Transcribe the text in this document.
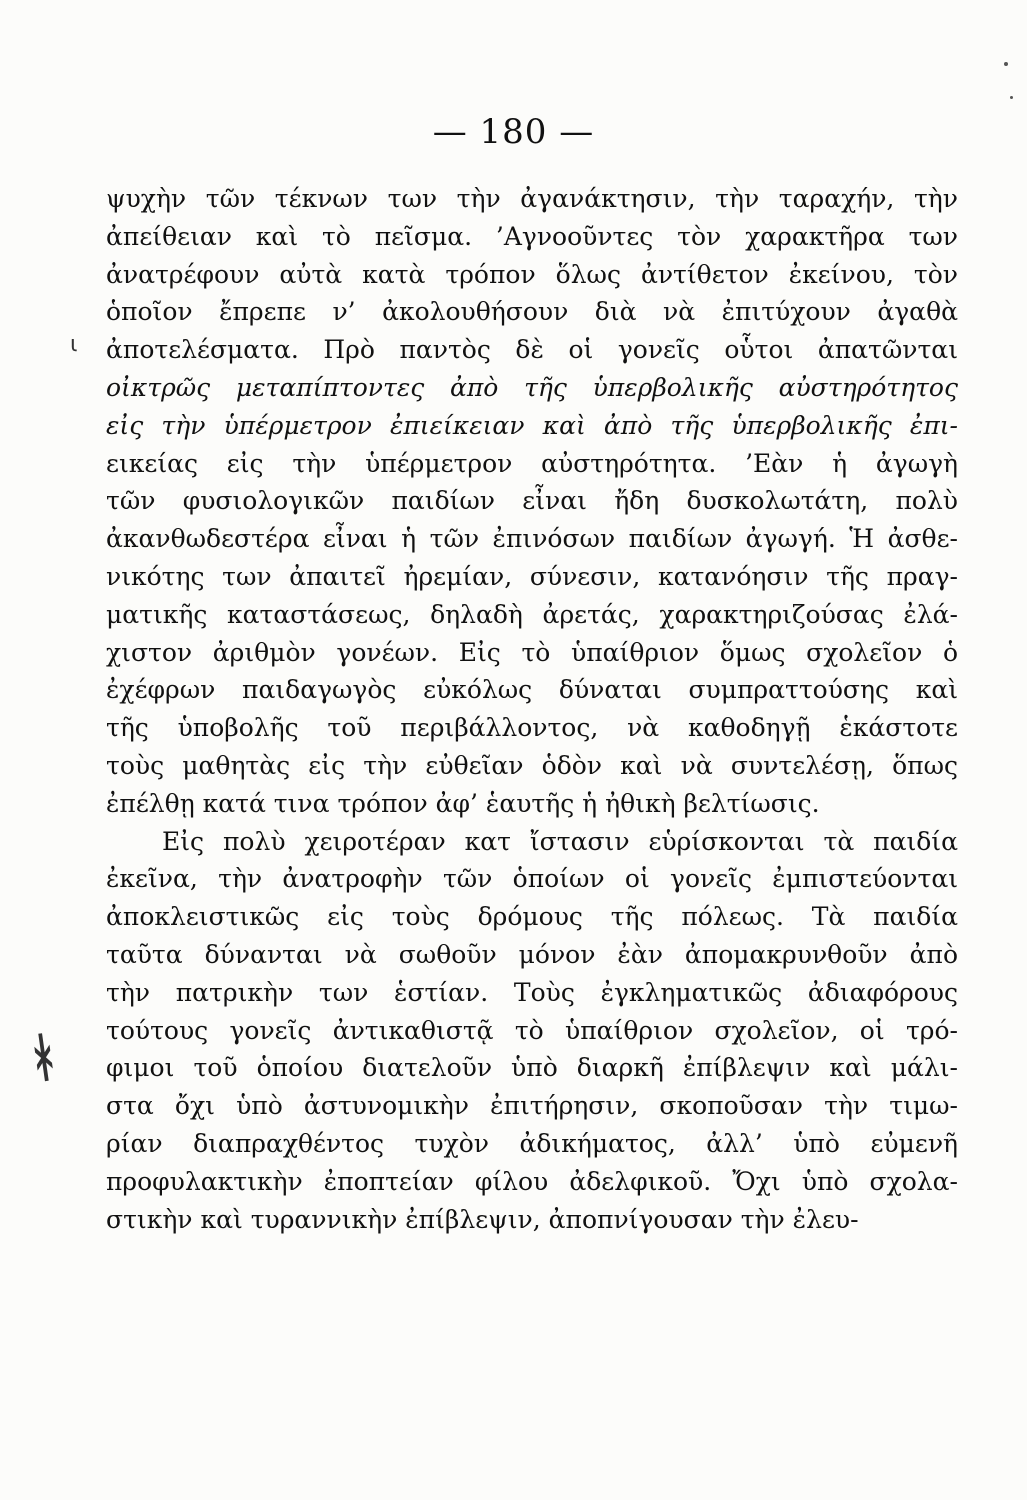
— 180 —
ι
ᚼ
ψυχὴν τῶν τέκνων των τὴν ἀγανάκτησιν, τὴν ταραχήν, τὴν
ἀπείθειαν καὶ τὸ πεῖσμα. ’Αγνοοῦντες τὸν χαρακτῆρα των
ἀνατρέφουν αὐτὰ κατὰ τρόπον ὅλως ἀντίθετον ἐκείνου, τὸν
ὁποῖον ἔπρεπε ν’ ἀκολουθήσουν διὰ νὰ ἐπιτύχουν ἀγαθὰ
ἀποτελέσματα. Πρὸ παντὸς δὲ οἱ γονεῖς οὗτοι ἀπατῶνται
οἰκτρῶς μεταπίπτοντες ἀπὸ τῆς ὑπερβολικῆς αὐστηρότητος
εἰς τὴν ὑπέρμετρον ἐπιείκειαν καὶ ἀπὸ τῆς ὑπερβολικῆς ἐπι-
εικείας εἰς τὴν ὑπέρμετρον αὐστηρότητα. ’Εὰν ἡ ἀγωγὴ
τῶν φυσιολογικῶν παιδίων εἶναι ἤδη δυσκολωτάτη, πολὺ
ἀκανθωδεστέρα εἶναι ἡ τῶν ἐπινόσων παιδίων ἀγωγή. Ἡ ἀσθε-
νικότης των ἀπαιτεῖ ἠρεμίαν, σύνεσιν, κατανόησιν τῆς πραγ-
ματικῆς καταστάσεως, δηλαδὴ ἀρετάς, χαρακτηριζούσας ἐλά-
χιστον ἀριθμὸν γονέων. Εἰς τὸ ὑπαίθριον ὅμως σχολεῖον ὁ
ἐχέφρων παιδαγωγὸς εὐκόλως δύναται συμπραττούσης καὶ
τῆς ὑποβολῆς τοῦ περιβάλλοντος, νὰ καθοδηγῇ ἑκάστοτε
τοὺς μαθητὰς εἰς τὴν εὐθεῖαν ὁδὸν καὶ νὰ συντελέσῃ, ὅπως
ἐπέλθῃ κατά τινα τρόπον ἀφ’ ἑαυτῆς ἡ ἠθικὴ βελτίωσις.
Εἰς πολὺ χειροτέραν κατ ἴστασιν εὑρίσκονται τὰ παιδία
ἐκεῖνα, τὴν ἀνατροφὴν τῶν ὁποίων οἱ γονεῖς ἐμπιστεύονται
ἀποκλειστικῶς εἰς τοὺς δρόμους τῆς πόλεως. Τὰ παιδία
ταῦτα δύνανται νὰ σωθοῦν μόνον ἐὰν ἀπομακρυνθοῦν ἀπὸ
τὴν πατρικὴν των ἑστίαν. Τοὺς ἐγκληματικῶς ἀδιαφόρους
τούτους γονεῖς ἀντικαθιστᾷ τὸ ὑπαίθριον σχολεῖον, οἱ τρό-
φιμοι τοῦ ὁποίου διατελοῦν ὑπὸ διαρκῆ ἐπίβλεψιν καὶ μάλι-
στα ὄχι ὑπὸ ἀστυνομικὴν ἐπιτήρησιν, σκοποῦσαν τὴν τιμω-
ρίαν διαπραχθέντος τυχὸν ἀδικήματος, ἀλλ’ ὑπὸ εὐμενῆ
προφυλακτικὴν ἐποπτείαν φίλου ἀδελφικοῦ. Ὄχι ὑπὸ σχολα-
στικὴν καὶ τυραννικὴν ἐπίβλεψιν, ἀποπνίγουσαν τὴν ἐλευ-
